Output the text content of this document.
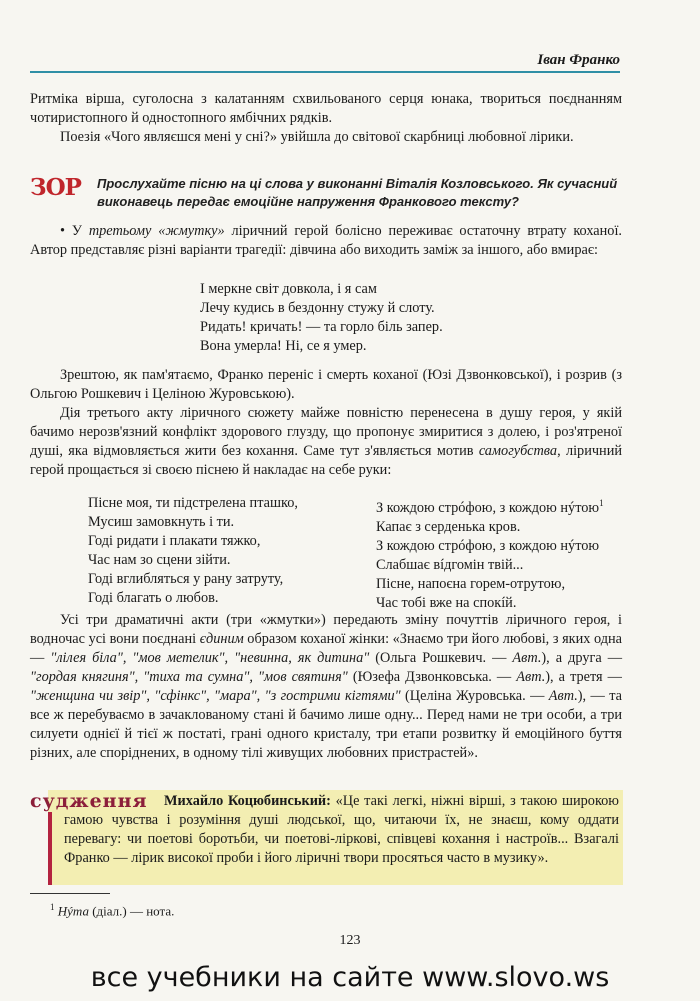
Іван Франко

Ритміка вірша, суголосна з калатанням схвильованого серця юнака, твориться поєднанням чотиристопного й одностопного ямбічних рядків.

Поезія «Чого являєшся мені у сні?» увійшла до світової скарбниці любовної лірики.

ЗОР Прослухайте пісню на ці слова у виконанні Віталія Козловського. Як сучасний виконавець передає емоційне напруження Франкового тексту?

• У третьому «жмутку» ліричний герой болісно переживає остаточну втрату коханої. Автор представляє різні варіанти трагедії: дівчина або виходить заміж за іншого, або вмирає:

І меркне світ довкола, і я сам
Лечу кудись в бездонну стужу й слоту.
Ридать! кричать! — та горло біль запер.
Вона умерла! Ні, се я умер.

Зрештою, як пам'ятаємо, Франко переніс і смерть коханої (Юзі Дзвонковської), і розрив (з Ольгою Рошкевич і Целіною Журовською).

Дія третього акту ліричного сюжету майже повністю перенесена в душу героя, у якій бачимо нерозв'язний конфлікт здорового глузду, що пропонує змиритися з долею, і роз'ятреної душі, яка відмовляється жити без кохання. Саме тут з'являється мотив самогубства, ліричний герой прощається зі своєю піснею й накладає на себе руки:

Пісне моя, ти підстрелена пташко,
Мусиш замовкнуть і ти.
Годі ридати і плакати тяжко,
Час нам зо сцени зійти.
Годі вглибляться у рану затруту,
Годі благать о любов.
З кождою стрóфою, з кождою нýтою$^1$
Капає з серденька кров.
З кождою стрóфою, з кождою нýтою
Слабшає вíдгомін твій...
Пісне, напоєна горем-отрутою,
Час тобі вже на спокíй.

Усі три драматичні акти (три «жмутки») передають зміну почуттів ліричного героя, і водночас усі вони поєднані єдиним образом коханої жінки: «Знаємо три його любові, з яких одна — "лілея біла", "мов метелик", "невинна, як дитина" (Ольга Рошкевич. — Авт.), а друга — "гордая княгиня", "тиха та сумна", "мов святиня" (Юзефа Дзвонковська. — Авт.), а третя — "женщина чи звір", "сфінкс", "мара", "з гострими кігтями" (Целіна Журовська. — Авт.), — та все ж перебуваємо в зачаклованому стані й бачимо лише одну... Перед нами не три особи, а три силуети однієї й тієї ж постаті, грані одного кристалу, три етапи розвитку й емоційного буття різних, але споріднених, в одному тілі живущих любовних пристрастей».

судження	Михайло Коцюбинський: «Це такі легкі, ніжні вірші, з такою широкою гамою чувства і розуміння душі людської, що, читаючи їх, не знаєш, кому оддати перевагу: чи поетові боротьби, чи поетові-ліркові, співцеві кохання і настроїв... Взагалі Франко — лірик високої проби і його ліричні твори просяться часто в музику».
$^1$ Нýта (діал.) — нота.
123
все учебники на сайте www.slovo.ws
